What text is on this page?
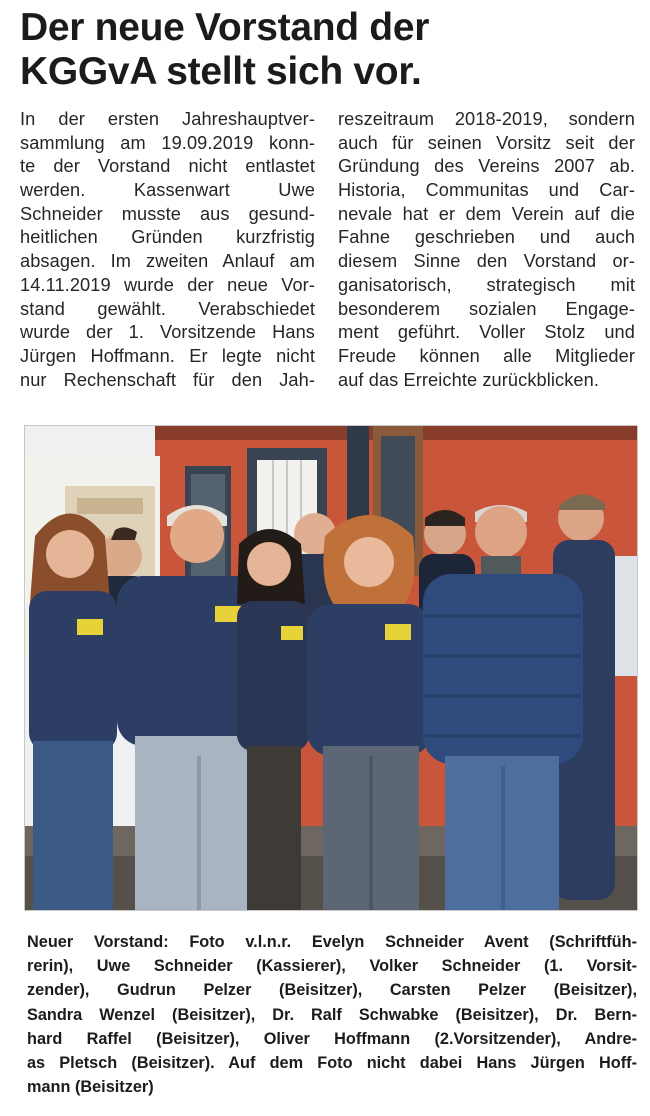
Der neue Vorstand der
KGGvA stellt sich vor.
In der ersten Jahreshauptver-
sammlung am 19.09.2019 konn-
te der Vorstand nicht entlastet
werden. Kassenwart Uwe
Schneider musste aus gesund-
heitlichen Gründen kurzfristig
absagen. Im zweiten Anlauf am
14.11.2019 wurde der neue Vor-
stand gewählt. Verabschiedet
wurde der 1. Vorsitzende Hans
Jürgen Hoffmann. Er legte nicht
nur Rechenschaft für den Jah-
reszeitraum 2018-2019, sondern
auch für seinen Vorsitz seit der
Gründung des Vereins 2007 ab.
Historia, Communitas und Car-
nevale hat er dem Verein auf die
Fahne geschrieben und auch
diesem Sinne den Vorstand or-
ganisatorisch, strategisch mit
besonderem sozialen Engage-
ment geführt. Voller Stolz und
Freude können alle Mitglieder
auf das Erreichte zurückblicken.
Neuer Vorstand: Foto v.l.n.r. Evelyn Schneider Avent (Schriftfüh-
rerin), Uwe Schneider (Kassierer), Volker Schneider (1. Vorsit-
zender), Gudrun Pelzer (Beisitzer), Carsten Pelzer (Beisitzer),
Sandra Wenzel (Beisitzer), Dr. Ralf Schwabke (Beisitzer), Dr. Bern-
hard Raffel (Beisitzer), Oliver Hoffmann (2.Vorsitzender), Andre-
as Pletsch (Beisitzer). Auf dem Foto nicht dabei Hans Jürgen Hoff-
mann (Beisitzer)
